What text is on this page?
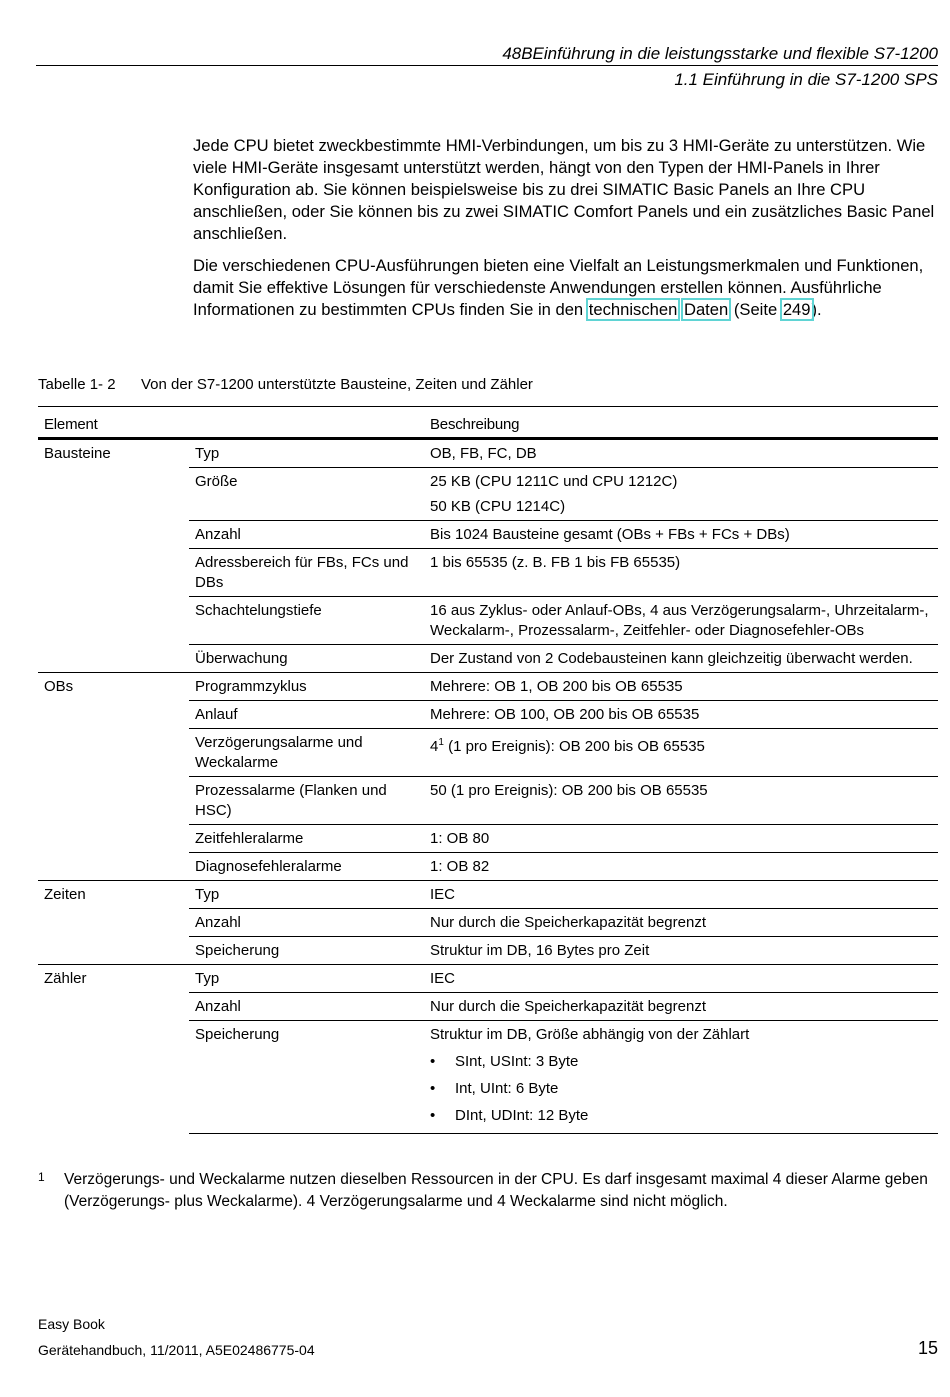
48BEinführung in die leistungsstarke und flexible S7-1200
1.1 Einführung in die S7-1200 SPS

Jede CPU bietet zweckbestimmte HMI-Verbindungen, um bis zu 3 HMI-Geräte zu unterstützen. Wie viele HMI-Geräte insgesamt unterstützt werden, hängt von den Typen der HMI-Panels in Ihrer Konfiguration ab. Sie können beispielsweise bis zu drei SIMATIC Basic Panels an Ihre CPU anschließen, oder Sie können bis zu zwei SIMATIC Comfort Panels und ein zusätzliches Basic Panel anschließen.

Die verschiedenen CPU-Ausführungen bieten eine Vielfalt an Leistungsmerkmalen und Funktionen, damit Sie effektive Lösungen für verschiedenste Anwendungen erstellen können. Ausführliche Informationen zu bestimmten CPUs finden Sie in den technischen Daten (Seite 249).

Tabelle 1- 2 Von der S7-1200 unterstützte Bausteine, Zeiten und Zähler
Element		Beschreibung
Bausteine	Typ	OB, FB, FC, DB
	Größe	25 KB (CPU 1211C und CPU 1212C)
50 KB (CPU 1214C)

	Anzahl	Bis 1024 Bausteine gesamt (OBs + FBs + FCs + DBs)
	Adressbereich für FBs, FCs und DBs	1 bis 65535 (z. B. FB 1 bis FB 65535)
	Schachtelungstiefe	16 aus Zyklus- oder Anlauf-OBs, 4 aus Verzögerungsalarm-, Uhrzeitalarm-, Weckalarm-, Prozessalarm-, Zeitfehler- oder Diagnosefehler-OBs
	Überwachung	Der Zustand von 2 Codebausteinen kann gleichzeitig überwacht werden.
OBs	Programmzyklus	Mehrere: OB 1, OB 200 bis OB 65535
	Anlauf	Mehrere: OB 100, OB 200 bis OB 65535
	Verzögerungsalarme und Weckalarme	$4^1$ (1 pro Ereignis): OB 200 bis OB 65535
	Prozessalarme (Flanken und HSC)	50 (1 pro Ereignis): OB 200 bis OB 65535
	Zeitfehleralarme	1: OB 80
	Diagnosefehleralarme	1: OB 82
Zeiten	Typ	IEC
	Anzahl	Nur durch die Speicherkapazität begrenzt
	Speicherung	Struktur im DB, 16 Bytes pro Zeit
Zähler	Typ	IEC
	Anzahl	Nur durch die Speicherkapazität begrenzt
	Speicherung	Struktur im DB, Größe abhängig von der Zählart
• SInt, USInt: 3 Byte
• Int, UInt: 6 Byte
• DInt, UDInt: 12 Byte
1 Verzögerungs- und Weckalarme nutzen dieselben Ressourcen in der CPU. Es darf insgesamt maximal 4 dieser Alarme geben (Verzögerungs- plus Weckalarme). 4 Verzögerungsalarme und 4 Weckalarme sind nicht möglich.
Easy Book
Gerätehandbuch, 11/2011, A5E02486775-04	15
